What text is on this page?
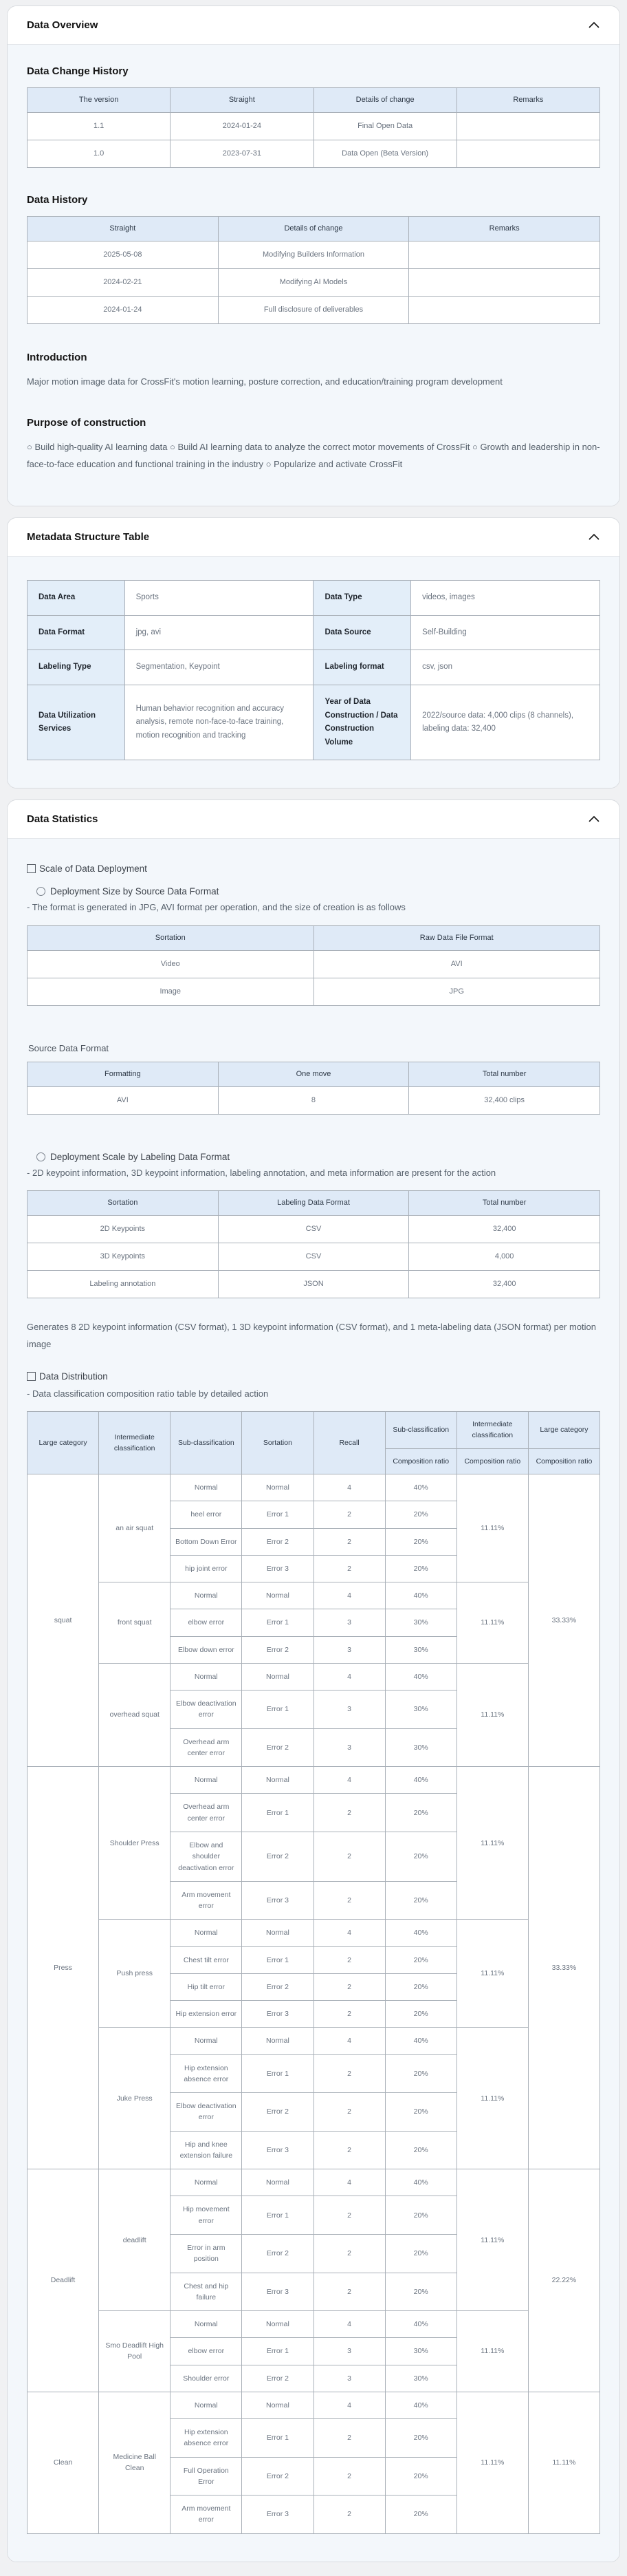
Data Overview
Data Change History
The version	Straight	Details of change	Remarks
1.1	2024-01-24	Final Open Data	
1.0	2023-07-31	Data Open (Beta Version)	
Data History
Straight	Details of change	Remarks
2025-05-08	Modifying Builders Information	
2024-02-21	Modifying AI Models	
2024-01-24	Full disclosure of deliverables	
Introduction

Major motion image data for CrossFit's motion learning, posture correction, and education/training program development

Purpose of construction

○ Build high-quality AI learning data ○ Build AI learning data to analyze the correct motor movements of CrossFit ○ Growth and leadership in non-face-to-face education and functional training in the industry ○ Popularize and activate CrossFit

Metadata Structure Table
Data Area	Sports	Data Type	videos, images
Data Format	jpg, avi	Data Source	Self-Building
Labeling Type	Segmentation, Keypoint	Labeling format	csv, json
Data Utilization Services	Human behavior recognition and accuracy analysis, remote non-face-to-face training, motion recognition and tracking	Year of Data Construction / Data Construction Volume	2022/source data: 4,000 clips (8 channels), labeling data: 32,400
Data Statistics
Scale of Data Deployment
Deployment Size by Source Data Format
- The format is generated in JPG, AVI format per operation, and the size of creation is as follows
Sortation	Raw Data File Format
Video	AVI
Image	JPG
Source Data Format
Formatting	One move	Total number
AVI	8	32,400 clips
Deployment Scale by Labeling Data Format
- 2D keypoint information, 3D keypoint information, labeling annotation, and meta information are present for the action
Sortation	Labeling Data Format	Total number
2D Keypoints	CSV	32,400
3D Keypoints	CSV	4,000
Labeling annotation	JSON	32,400

Generates 8 2D keypoint information (CSV format), 1 3D keypoint information (CSV format), and 1 meta-labeling data (JSON format) per motion image

Data Distribution
- Data classification composition ratio table by detailed action
Large category	Intermediate classification	Sub-classification	Sortation	Recall	Sub-classification	Intermediate classification	Large category
					Composition ratio	Composition ratio	Composition ratio
squat	an air squat	Normal	Normal	4	40%	11.11%	33.33%
		heel error	Error 1	2	20%		
		Bottom Down Error	Error 2	2	20%		
		hip joint error	Error 3	2	20%		
	front squat	Normal	Normal	4	40%	11.11%	
		elbow error	Error 1	3	30%		
		Elbow down error	Error 2	3	30%		
	overhead squat	Normal	Normal	4	40%	11.11%	
		Elbow deactivation error	Error 1	3	30%		
		Overhead arm center error	Error 2	3	30%		
Press	Shoulder Press	Normal	Normal	4	40%	11.11%	33.33%
		Overhead arm center error	Error 1	2	20%		
		Elbow and shoulder deactivation error	Error 2	2	20%		
		Arm movement error	Error 3	2	20%		
	Push press	Normal	Normal	4	40%	11.11%	
		Chest tilt error	Error 1	2	20%		
		Hip tilt error	Error 2	2	20%		
		Hip extension error	Error 3	2	20%		
	Juke Press	Normal	Normal	4	40%	11.11%	
		Hip extension absence error	Error 1	2	20%		
		Elbow deactivation error	Error 2	2	20%		
		Hip and knee extension failure	Error 3	2	20%		
Deadlift	deadlift	Normal	Normal	4	40%	11.11%	22.22%
		Hip movement error	Error 1	2	20%		
		Error in arm position	Error 2	2	20%		
		Chest and hip failure	Error 3	2	20%		
	Smo Deadlift High Pool	Normal	Normal	4	40%	11.11%	
		elbow error	Error 1	3	30%		
		Shoulder error	Error 2	3	30%		
Clean	Medicine Ball Clean	Normal	Normal	4	40%	11.11%	11.11%
		Hip extension absence error	Error 1	2	20%		
		Full Operation Error	Error 2	2	20%		
		Arm movement error	Error 3	2	20%		
